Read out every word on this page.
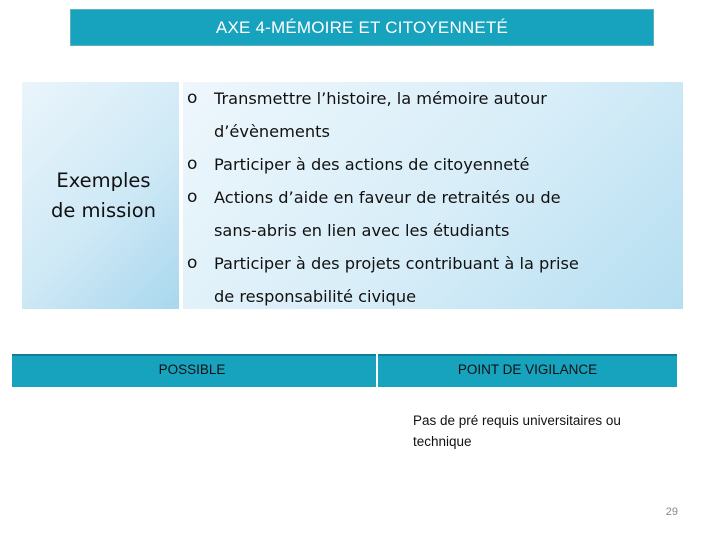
AXE 4-MÉMOIRE ET CITOYENNETÉ
Exemples
de mission
o Transmettre l’histoire, la mémoire autour
d’évènements
o Participer à des actions de citoyenneté
o Actions d’aide en faveur de retraités ou de
sans-abris en lien avec les étudiants
o Participer à des projets contribuant à la prise
de responsabilité civique
POSSIBLE	POINT DE VIGILANCE
Pas de pré requis universitaires ou
technique
29
